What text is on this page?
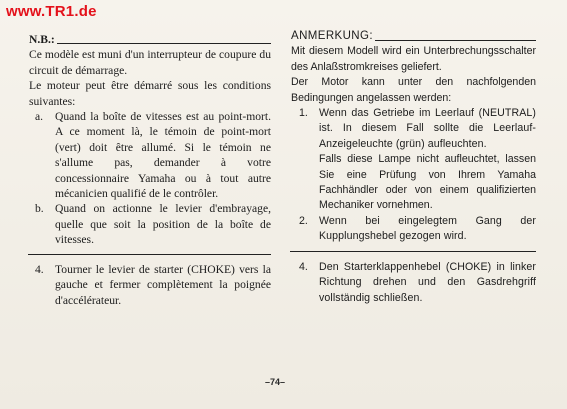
www.TR1.de
N.B.:

Ce modèle est muni d'un interrupteur de coupure du circuit de démarrage.

Le moteur peut être démarré sous les conditions suivantes:

a.	Quand la boîte de vitesses est au point-mort. A ce moment là, le témoin de point-mort (vert) doit être allumé. Si le témoin ne s'allume pas, demander à votre concessionnaire Yamaha ou à tout autre mécanicien qualifié de le contrôler.
b. Quand on actionne le levier d'embrayage, quelle que soit la position de la boîte de vitesses.
4. Tourner le levier de starter (CHOKE) vers la gauche et fermer complètement la poignée d'accélérateur.
ANMERKUNG:

Mit diesem Modell wird ein Unterbrechungsschalter des Anlaßstromkreises geliefert.

Der Motor kann unter den nachfolgenden Bedingungen angelassen werden:

1.	Wenn das Getriebe im Leerlauf (NEUTRAL) ist. In diesem Fall sollte die Leerlauf-Anzeigeleuchte (grün) aufleuchten.

Falls diese Lampe nicht aufleuchtet, lassen Sie eine Prüfung von Ihrem Yamaha Fachhändler oder von einem qualifizierten Mechaniker vornehmen.

2.	Wenn bei eingelegtem Gang der Kupplungshebel gezogen wird.
4.	Den Starterklappenhebel (CHOKE) in linker Richtung drehen und den Gasdrehgriff vollständig schließen.
–74–
